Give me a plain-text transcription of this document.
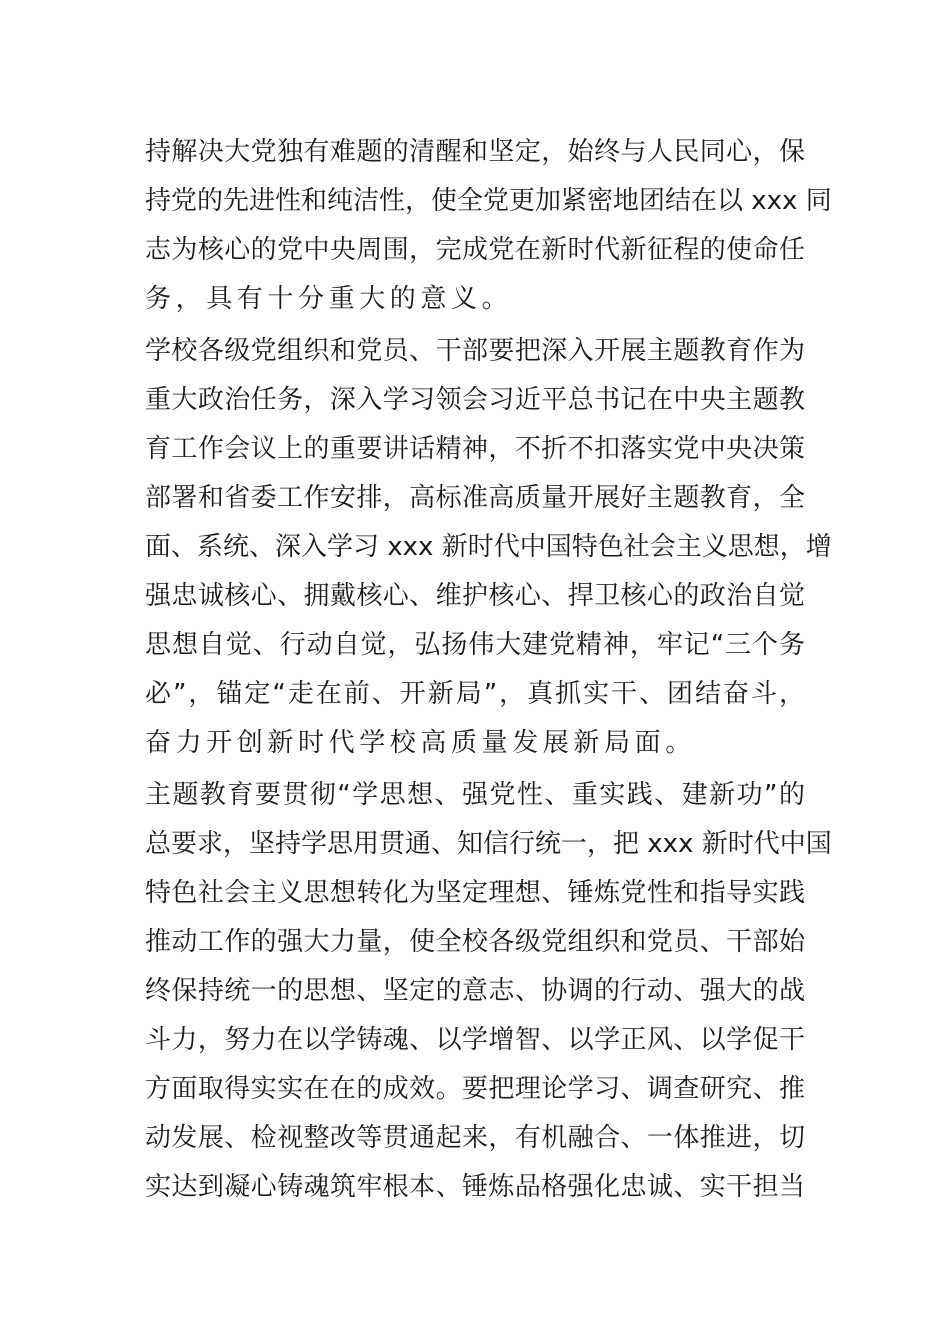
持解决大党独有难题的清醒和坚定，始终与人民同心，保
持党的先进性和纯洁性，使全党更加紧密地团结在以 xxx 同
志为核心的党中央周围，完成党在新时代新征程的使命任
务，具有十分重大的意义。
学校各级党组织和党员、干部要把深入开展主题教育作为
重大政治任务，深入学习领会习近平总书记在中央主题教
育工作会议上的重要讲话精神，不折不扣落实党中央决策
部署和省委工作安排，高标准高质量开展好主题教育，全
面、系统、深入学习 xxx 新时代中国特色社会主义思想，增
强忠诚核心、拥戴核心、维护核心、捍卫核心的政治自觉
思想自觉、行动自觉，弘扬伟大建党精神，牢记“三个务
必”，锚定“走在前、开新局”，真抓实干、团结奋斗，
奋力开创新时代学校高质量发展新局面。
主题教育要贯彻“学思想、强党性、重实践、建新功”的
总要求，坚持学思用贯通、知信行统一，把 xxx 新时代中国
特色社会主义思想转化为坚定理想、锤炼党性和指导实践
推动工作的强大力量，使全校各级党组织和党员、干部始
终保持统一的思想、坚定的意志、协调的行动、强大的战
斗力，努力在以学铸魂、以学增智、以学正风、以学促干
方面取得实实在在的成效。要把理论学习、调查研究、推
动发展、检视整改等贯通起来，有机融合、一体推进，切
实达到凝心铸魂筑牢根本、锤炼品格强化忠诚、实干担当
